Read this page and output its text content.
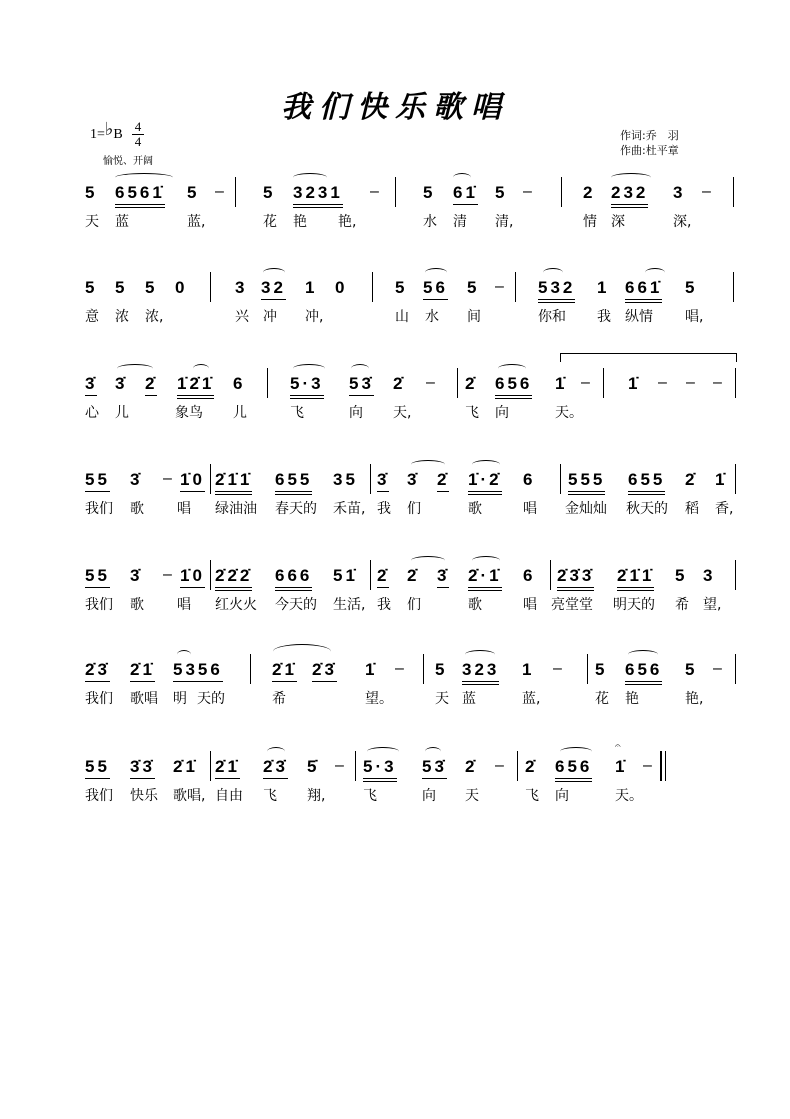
我们快乐歌唱
1=♭B
4
4
愉悦、开阔
作词:乔　羽
作曲:杜平章
5 6561̇ 5 – 5 3231 –	5 61̇ 5 –	2 232 3 –
天 蓝	蓝,	花 艳 艳,	水 清 清,	情 深	深,
5 5 5 0	3 32 1 0	5 56 5 – 532 1 661̇ 5
意 浓 浓,	兴 冲 冲,	山 水 间	你和 我 纵情 唱,
3̇ 3̇ 2̇ 1̇2̇1̇ 6	5·3 53̇ 2̇ – 2̇ 656 1̇ – 1̇ – – –
心 儿	象鸟 儿	飞	向 天,	飞 向	天。
55 3̇ – 1̇0 2̇1̇1̇ 655 35 3̇ 3̇ 2̇ 1̇·2̇ 6 555 655 2̇ 1̇
我们 歌 唱 绿油油 春天的 禾苗, 我 们	歌	唱 金灿灿 秋天的 稻 香,
55 3̇ – 1̇0 2̇2̇2̇ 666 51̇ 2̇ 2̇ 3̇ 2̇·1̇ 6 2̇3̇3̇ 2̇1̇1̇ 5 3
我们 歌 唱 红火火 今天的 生活, 我 们	歌	唱 亮堂堂 明天的 希 望,
2̇3̇ 2̇1̇ 5356	2̇1̇ 2̇3̇ 1̇ – 5 323 1 – 5 656 5 –
我们 歌唱 明 天的	希	望。	天 蓝	蓝,	花 艳	艳,
55 3̇3̇ 2̇1̇ 2̇1̇ 2̇3̇ 5̇ – 5·3 53̇ 2̇ – 2̇ 656
𝄐
1̇ –
我们 快乐 歌唱, 自由 飞 翔,	飞	向 天	飞 向	天。
